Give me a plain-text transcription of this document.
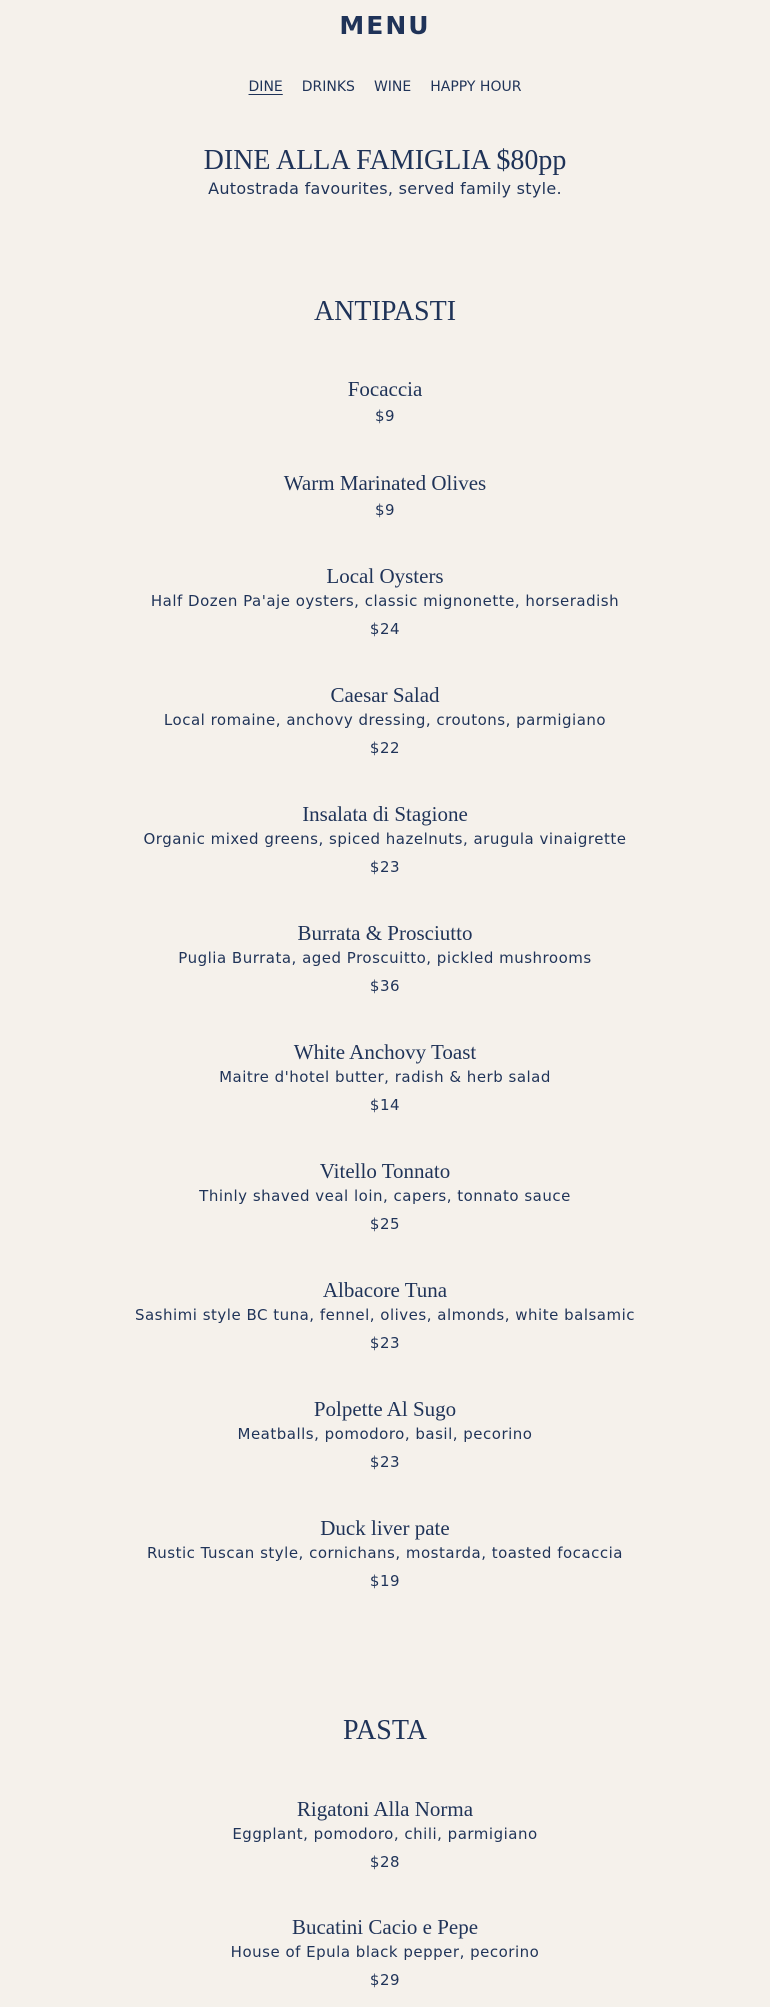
MENU
DINE DRINKS WINE HAPPY HOUR
DINE ALLA FAMIGLIA $80pp
Autostrada favourites, served family style.
ANTIPASTI
Focaccia
$9
Warm Marinated Olives
$9
Local Oysters
Half Dozen Pa'aje oysters, classic mignonette, horseradish
$24
Caesar Salad
Local romaine, anchovy dressing, croutons, parmigiano
$22
Insalata di Stagione
Organic mixed greens, spiced hazelnuts, arugula vinaigrette
$23
Burrata & Prosciutto
Puglia Burrata, aged Proscuitto, pickled mushrooms
$36
White Anchovy Toast
Maitre d'hotel butter, radish & herb salad
$14
Vitello Tonnato
Thinly shaved veal loin, capers, tonnato sauce
$25
Albacore Tuna
Sashimi style BC tuna, fennel, olives, almonds, white balsamic
$23
Polpette Al Sugo
Meatballs, pomodoro, basil, pecorino
$23
Duck liver pate
Rustic Tuscan style, cornichans, mostarda, toasted focaccia
$19
PASTA
Rigatoni Alla Norma
Eggplant, pomodoro, chili, parmigiano
$28
Bucatini Cacio e Pepe
House of Epula black pepper, pecorino
$29
